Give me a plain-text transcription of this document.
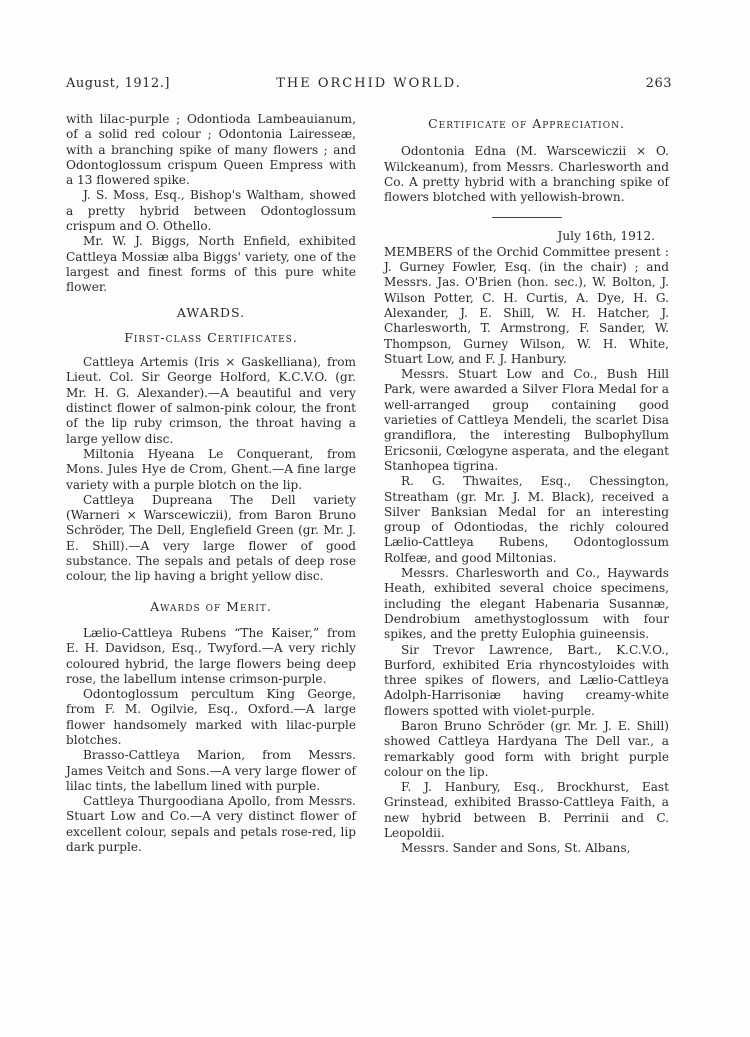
August, 1912.]	THE ORCHID WORLD.	263

with lilac-purple ; Odontioda Lambeauianum, of a solid red colour ; Odontonia Lairesseæ, with a branching spike of many flowers ; and Odontoglossum crispum Queen Empress with a 13 flowered spike.

J. S. Moss, Esq., Bishop's Waltham, showed a pretty hybrid between Odontoglossum crispum and O. Othello.

Mr. W. J. Biggs, North Enfield, exhibited Cattleya Mossiæ alba Biggs' variety, one of the largest and finest forms of this pure white flower.

AWARDS.
First-class Certificates.

Cattleya Artemis (Iris × Gaskelliana), from Lieut. Col. Sir George Holford, K.C.V.O. (gr. Mr. H. G. Alexander).—A beautiful and very distinct flower of salmon-pink colour, the front of the lip ruby crimson, the throat having a large yellow disc.

Miltonia Hyeana Le Conquerant, from Mons. Jules Hye de Crom, Ghent.—A fine large variety with a purple blotch on the lip.

Cattleya Dupreana The Dell variety (Warneri × Warscewiczii), from Baron Bruno Schröder, The Dell, Englefield Green (gr. Mr. J. E. Shill).—A very large flower of good substance. The sepals and petals of deep rose colour, the lip having a bright yellow disc.

Awards of Merit.

Lælio-Cattleya Rubens “The Kaiser,” from E. H. Davidson, Esq., Twyford.—A very richly coloured hybrid, the large flowers being deep rose, the labellum intense crimson-purple.

Odontoglossum percultum King George, from F. M. Ogilvie, Esq., Oxford.—A large flower handsomely marked with lilac-purple blotches.

Brasso-Cattleya Marion, from Messrs. James Veitch and Sons.—A very large flower of lilac tints, the labellum lined with purple.

Cattleya Thurgoodiana Apollo, from Messrs. Stuart Low and Co.—A very distinct flower of excellent colour, sepals and petals rose-red, lip dark purple.

Certificate of Appreciation.

Odontonia Edna (M. Warscewiczii × O. Wilckeanum), from Messrs. Charlesworth and Co. A pretty hybrid with a branching spike of flowers blotched with yellowish-brown.

July 16th, 1912.

MEMBERS of the Orchid Committee present : J. Gurney Fowler, Esq. (in the chair) ; and Messrs. Jas. O'Brien (hon. sec.), W. Bolton, J. Wilson Potter, C. H. Curtis, A. Dye, H. G. Alexander, J. E. Shill, W. H. Hatcher, J. Charlesworth, T. Armstrong, F. Sander, W. Thompson, Gurney Wilson, W. H. White, Stuart Low, and F. J. Hanbury.

Messrs. Stuart Low and Co., Bush Hill Park, were awarded a Silver Flora Medal for a well-arranged group containing good varieties of Cattleya Mendeli, the scarlet Disa grandiflora, the interesting Bulbophyllum Ericsonii, Cœlogyne asperata, and the elegant Stanhopea tigrina.

R. G. Thwaites, Esq., Chessington, Streatham (gr. Mr. J. M. Black), received a Silver Banksian Medal for an interesting group of Odontiodas, the richly coloured Lælio-Cattleya Rubens, Odontoglossum Rolfeæ, and good Miltonias.

Messrs. Charlesworth and Co., Haywards Heath, exhibited several choice specimens, including the elegant Habenaria Susannæ, Dendrobium amethystoglossum with four spikes, and the pretty Eulophia guineensis.

Sir Trevor Lawrence, Bart., K.C.V.O., Burford, exhibited Eria rhyncostyloides with three spikes of flowers, and Lælio-Cattleya Adolph-Harrisoniæ having creamy-white flowers spotted with violet-purple.

Baron Bruno Schröder (gr. Mr. J. E. Shill) showed Cattleya Hardyana The Dell var., a remarkably good form with bright purple colour on the lip.

F. J. Hanbury, Esq., Brockhurst, East Grinstead, exhibited Brasso-Cattleya Faith, a new hybrid between B. Perrinii and C. Leopoldii.

Messrs. Sander and Sons, St. Albans,
